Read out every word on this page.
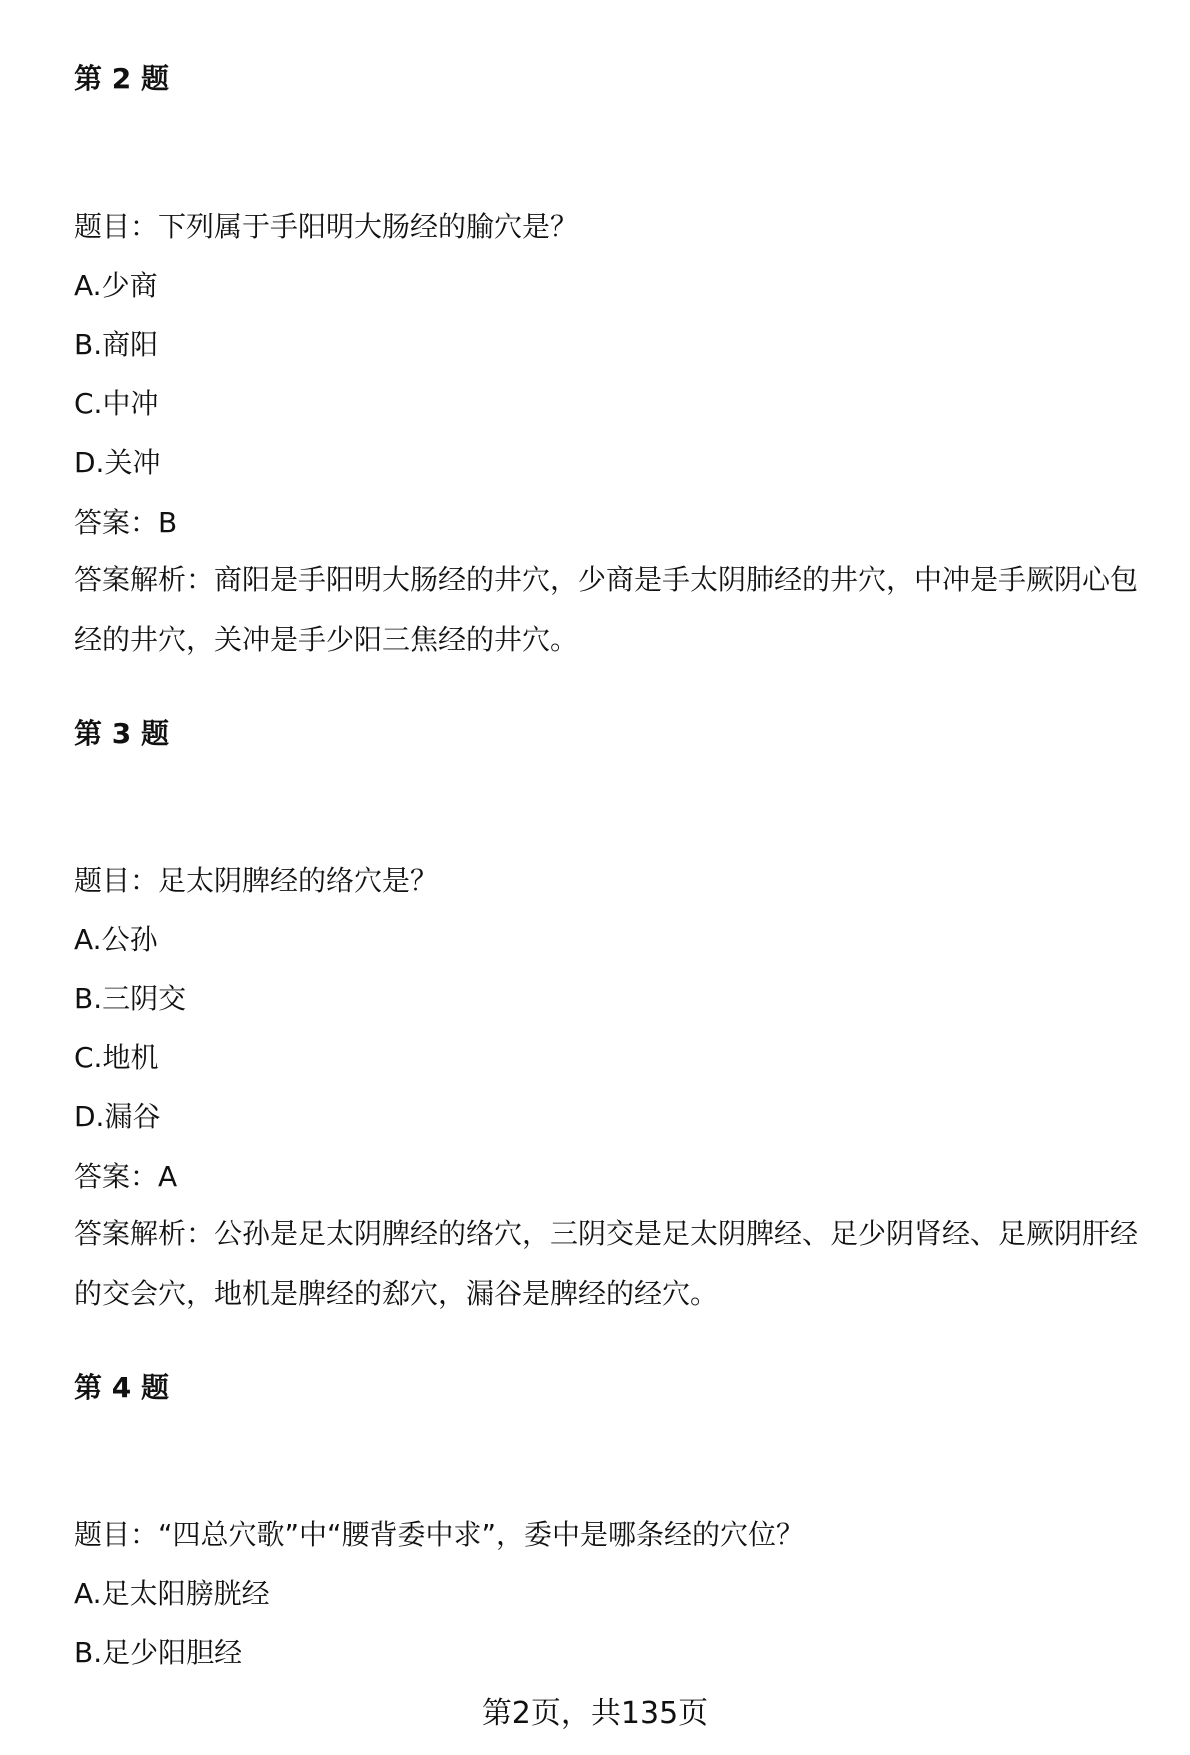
第 2 题
题目：下列属于手阳明大肠经的腧穴是？
A.少商
B.商阳
C.中冲
D.关冲
答案：B
答案解析：商阳是手阳明大肠经的井穴，少商是手太阴肺经的井穴，中冲是手厥阴心包经的井穴，关冲是手少阳三焦经的井穴。
第 3 题
题目：足太阴脾经的络穴是？
A.公孙
B.三阴交
C.地机
D.漏谷
答案：A
答案解析：公孙是足太阴脾经的络穴，三阴交是足太阴脾经、足少阴肾经、足厥阴肝经的交会穴，地机是脾经的郄穴，漏谷是脾经的经穴。
第 4 题
题目：“四总穴歌”中“腰背委中求”，委中是哪条经的穴位？
A.足太阳膀胱经
B.足少阳胆经
第2页，共135页
